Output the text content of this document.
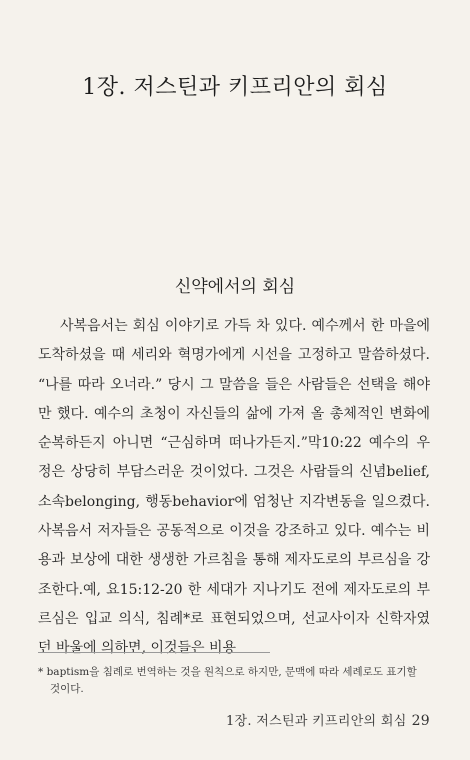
1장. 저스틴과 키프리안의 회심
신약에서의 회심
사복음서는 회심 이야기로 가득 차 있다. 예수께서 한 마을에 도착하셨을 때 세리와 혁명가에게 시선을 고정하고 말씀하셨다. “나를 따라 오너라.” 당시 그 말씀을 들은 사람들은 선택을 해야만 했다. 예수의 초청이 자신들의 삶에 가져 올 총체적인 변화에 순복하든지 아니면 “근심하며 떠나가든지.”막10:22 예수의 우정은 상당히 부담스러운 것이었다. 그것은 사람들의 신념belief, 소속belonging, 행동behavior에 엄청난 지각변동을 일으켰다. 사복음서 저자들은 공동적으로 이것을 강조하고 있다. 예수는 비용과 보상에 대한 생생한 가르침을 통해 제자도로의 부르심을 강조한다.예, 요15:12-20 한 세대가 지나기도 전에 제자도로의 부르심은 입교 의식, 침례*로 표현되었으며, 선교사이자 신학자였던 바울에 의하면, 이것들은 비용
* baptism을 침례로 번역하는 것을 원칙으로 하지만, 문맥에 따라 세례로도 표기할 것이다.
1장. 저스틴과 키프리안의 회심 29
